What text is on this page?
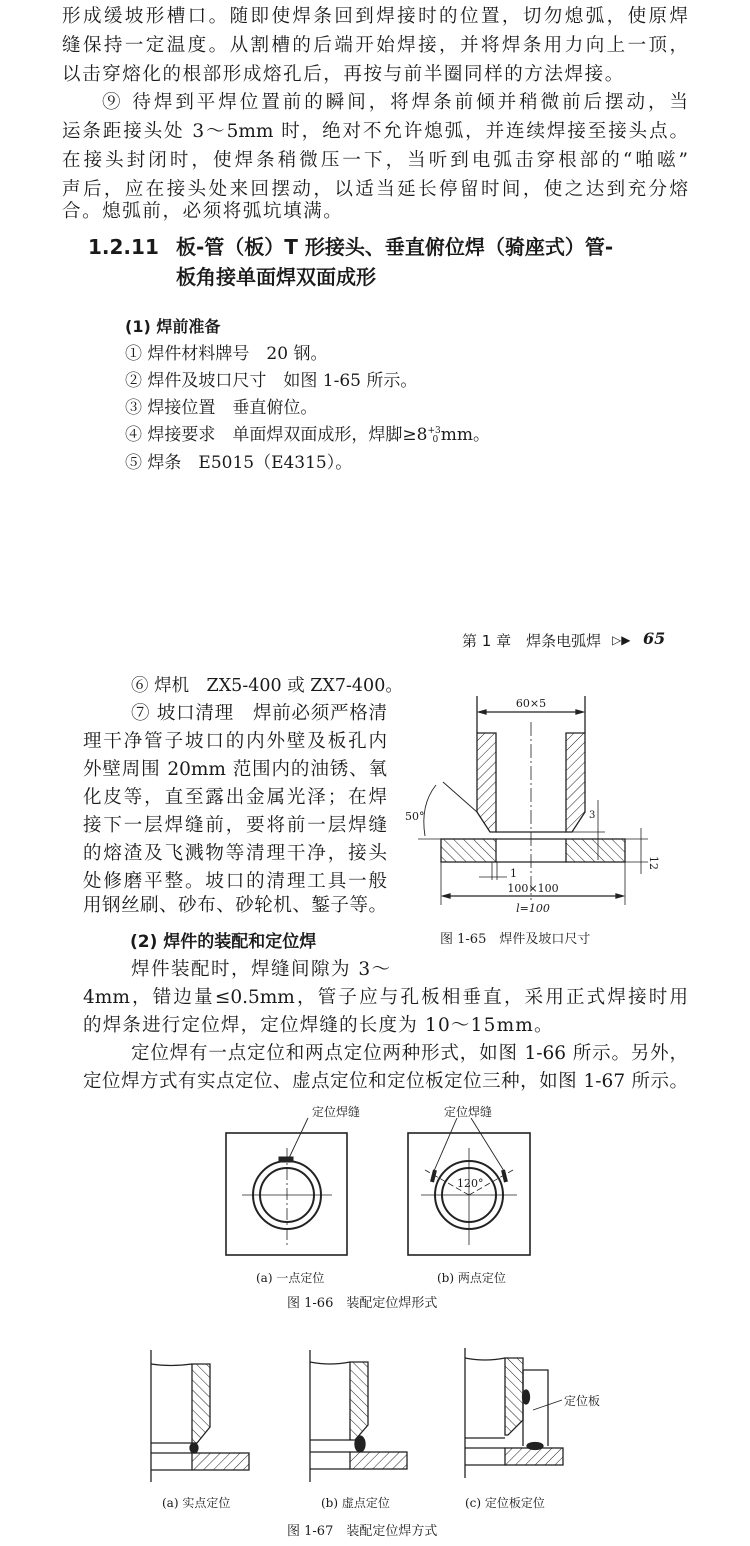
形成缓坡形槽口。随即使焊条回到焊接时的位置，切勿熄弧，使原焊
缝保持一定温度。从割槽的后端开始焊接，并将焊条用力向上一顶，
以击穿熔化的根部形成熔孔后，再按与前半圈同样的方法焊接。
⑨ 待焊到平焊位置前的瞬间，将焊条前倾并稍微前后摆动，当
运条距接头处 3～5mm 时，绝对不允许熄弧，并连续焊接至接头点。
在接头封闭时，使焊条稍微压一下，当听到电弧击穿根部的“啪嗞”
声后，应在接头处来回摆动，以适当延长停留时间，使之达到充分熔
合。熄弧前，必须将弧坑填满。
1.2.11 板-管（板）T 形接头、垂直俯位焊（骑座式）管-
板角接单面焊双面成形
(1) 焊前准备
① 焊件材料牌号　20 钢。
② 焊件及坡口尺寸　如图 1-65 所示。
③ 焊接位置　垂直俯位。
④ 焊接要求　单面焊双面成形，焊脚≥8 +3
0 mm。
⑤ 焊条　E5015（E4315）。
第 1 章　焊条电弧焊 ▷▶ 65
⑥ 焊机　ZX5-400 或 ZX7-400。
⑦ 坡口清理　焊前必须严格清
理干净管子坡口的内外壁及板孔内
外壁周围 20mm 范围内的油锈、氧
化皮等，直至露出金属光泽；在焊
接下一层焊缝前，要将前一层焊缝
的熔渣及飞溅物等清理干净，接头
处修磨平整。坡口的清理工具一般
用钢丝刷、砂布、砂轮机、錾子等。
(2) 焊件的装配和定位焊
焊件装配时，焊缝间隙为 3～
4mm，错边量≤0.5mm，管子应与孔板相垂直，采用正式焊接时用
的焊条进行定位焊，定位焊缝的长度为 10～15mm。
定位焊有一点定位和两点定位两种形式，如图 1-66 所示。另外，
定位焊方式有实点定位、虚点定位和定位板定位三种，如图 1-67 所示。
60×5
50°	3
12
1
100×100
l=100
图 1-65　焊件及坡口尺寸
定位焊缝	定位焊缝
120°
(a) 一点定位	(b) 两点定位
图 1-66　装配定位焊形式
定位板
(a) 实点定位	(b) 虚点定位	(c) 定位板定位
图 1-67　装配定位焊方式
